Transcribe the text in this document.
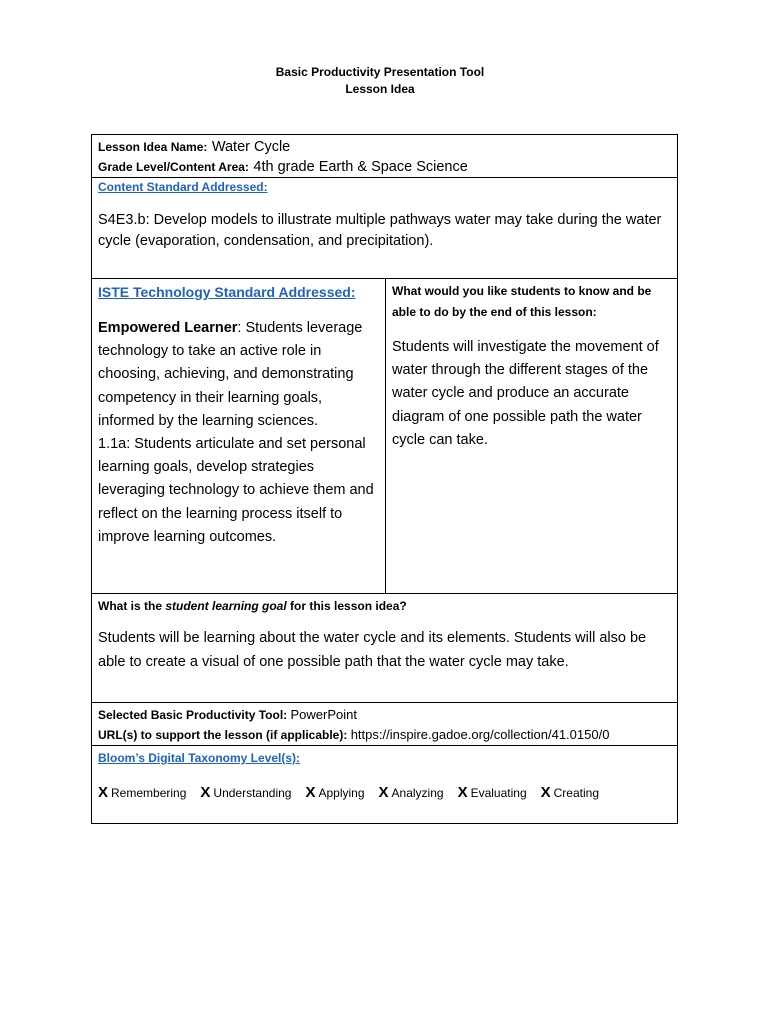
Basic Productivity Presentation Tool
Lesson Idea
Lesson Idea Name: Water Cycle
Grade Level/Content Area: 4th grade Earth & Space Science
Content Standard Addressed:
S4E3.b: Develop models to illustrate multiple pathways water may take during the water cycle (evaporation, condensation, and precipitation).
ISTE Technology Standard Addressed:
Empowered Learner: Students leverage technology to take an active role in choosing, achieving, and demonstrating competency in their learning goals, informed by the learning sciences.
1.1a: Students articulate and set personal learning goals, develop strategies leveraging technology to achieve them and reflect on the learning process itself to improve learning outcomes.
What would you like students to know and be able to do by the end of this lesson:
Students will investigate the movement of water through the different stages of the water cycle and produce an accurate diagram of one possible path the water cycle can take.
What is the student learning goal for this lesson idea?
Students will be learning about the water cycle and its elements. Students will also be able to create a visual of one possible path that the water cycle may take.
Selected Basic Productivity Tool: PowerPoint
URL(s) to support the lesson (if applicable): https://inspire.gadoe.org/collection/41.0150/0
Bloom’s Digital Taxonomy Level(s):
X Remembering X Understanding X Applying X Analyzing X Evaluating X Creating
